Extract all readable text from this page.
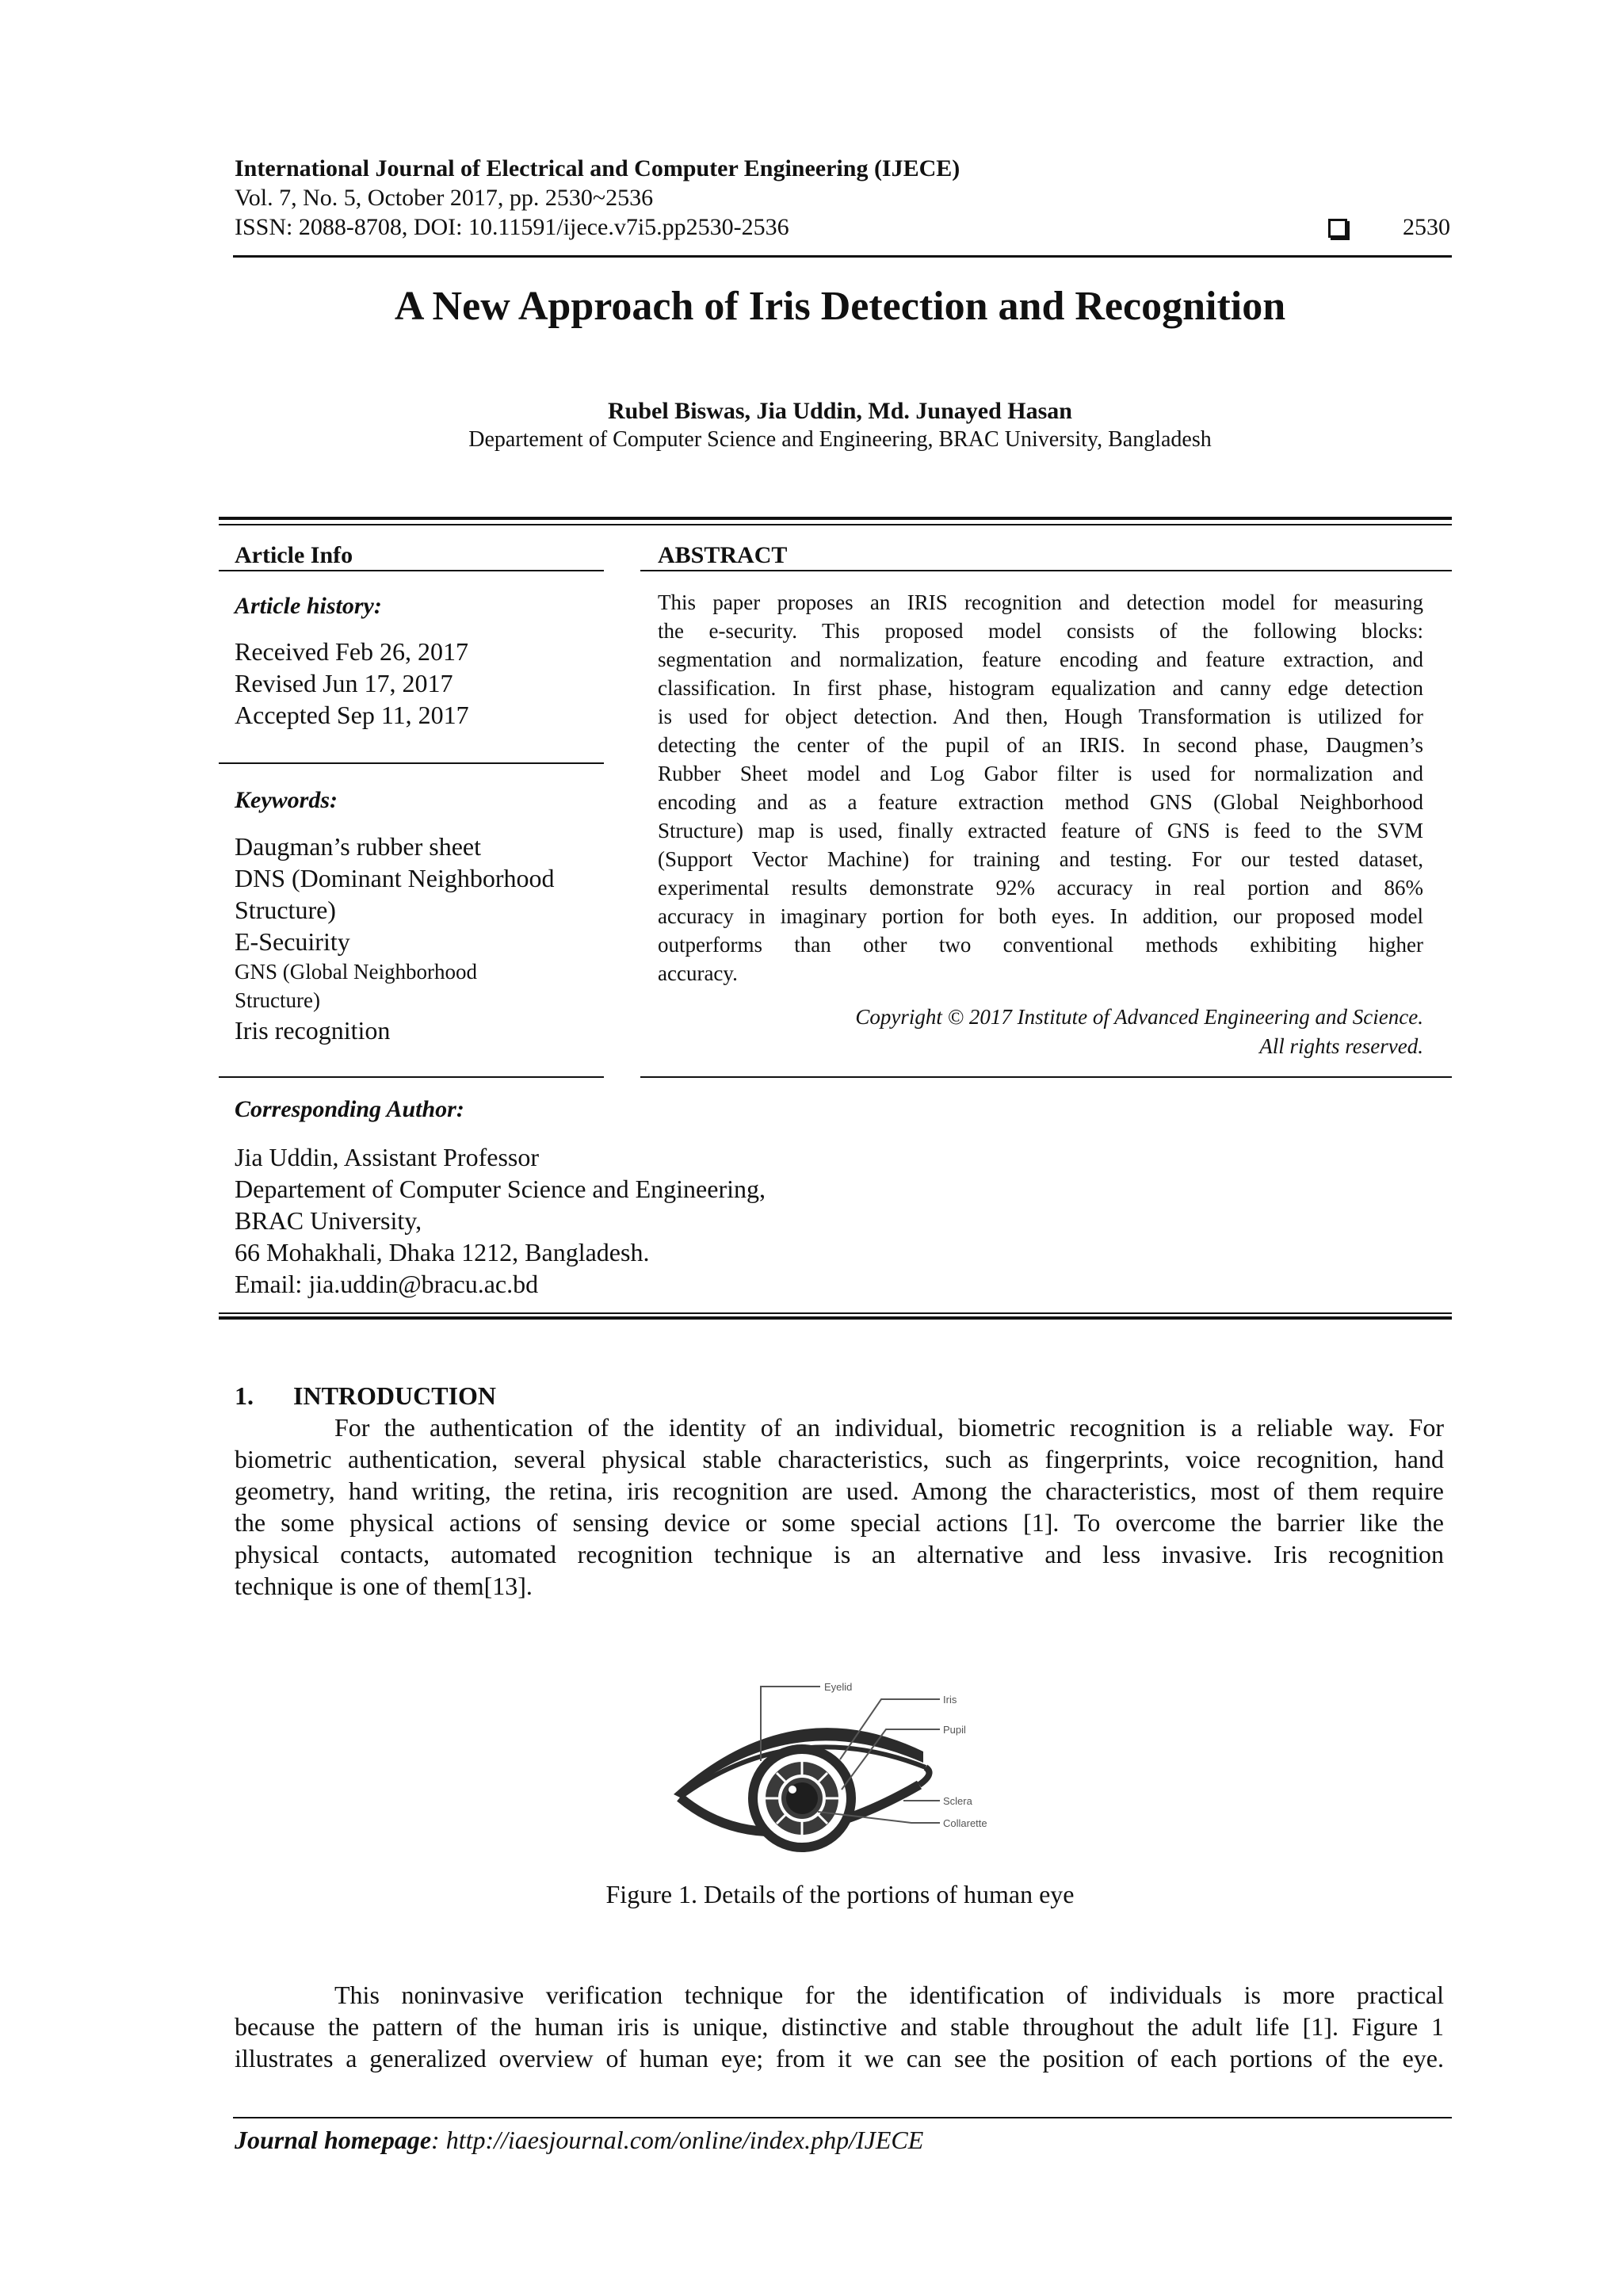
International Journal of Electrical and Computer Engineering (IJECE)
Vol. 7, No. 5, October 2017, pp. 2530~2536
ISSN: 2088-8708, DOI: 10.11591/ijece.v7i5.pp2530-2536	2530
A New Approach of Iris Detection and Recognition
Rubel Biswas, Jia Uddin, Md. Junayed Hasan
Departement of Computer Science and Engineering, BRAC University, Bangladesh
Article Info
Article history:
Received Feb 26, 2017
Revised Jun 17, 2017
Accepted Sep 11, 2017
Keywords:
Daugman’s rubber sheet
DNS (Dominant Neighborhood
Structure)
E-Secuirity
GNS (Global Neighborhood
Structure)
Iris recognition
ABSTRACT
This paper proposes an IRIS recognition and detection model for measuring
the e-security. This proposed model consists of the following blocks:
segmentation and normalization, feature encoding and feature extraction, and
classification. In first phase, histogram equalization and canny edge detection
is used for object detection. And then, Hough Transformation is utilized for
detecting the center of the pupil of an IRIS. In second phase, Daugmen’s
Rubber Sheet model and Log Gabor filter is used for normalization and
encoding and as a feature extraction method GNS (Global Neighborhood
Structure) map is used, finally extracted feature of GNS is feed to the SVM
(Support Vector Machine) for training and testing. For our tested dataset,
experimental results demonstrate 92% accuracy in real portion and 86%
accuracy in imaginary portion for both eyes. In addition, our proposed model
outperforms than other two conventional methods exhibiting higher
accuracy.
Copyright © 2017 Institute of Advanced Engineering and Science.
All rights reserved.
Corresponding Author:
Jia Uddin, Assistant Professor
Departement of Computer Science and Engineering,
BRAC University,
66 Mohakhali, Dhaka 1212, Bangladesh.
Email: jia.uddin@bracu.ac.bd
1. INTRODUCTION
For the authentication of the identity of an individual, biometric recognition is a reliable way. For
biometric authentication, several physical stable characteristics, such as fingerprints, voice recognition, hand
geometry, hand writing, the retina, iris recognition are used. Among the characteristics, most of them require
the some physical actions of sensing device or some special actions [1]. To overcome the barrier like the
physical contacts, automated recognition technique is an alternative and less invasive. Iris recognition
technique is one of them[13].
Eyelid
Iris
Pupil
Sclera
Collarette
Figure 1. Details of the portions of human eye
This noninvasive verification technique for the identification of individuals is more practical
because the pattern of the human iris is unique, distinctive and stable throughout the adult life [1]. Figure 1
illustrates a generalized overview of human eye; from it we can see the position of each portions of the eye.
Journal homepage: http://iaesjournal.com/online/index.php/IJECE
